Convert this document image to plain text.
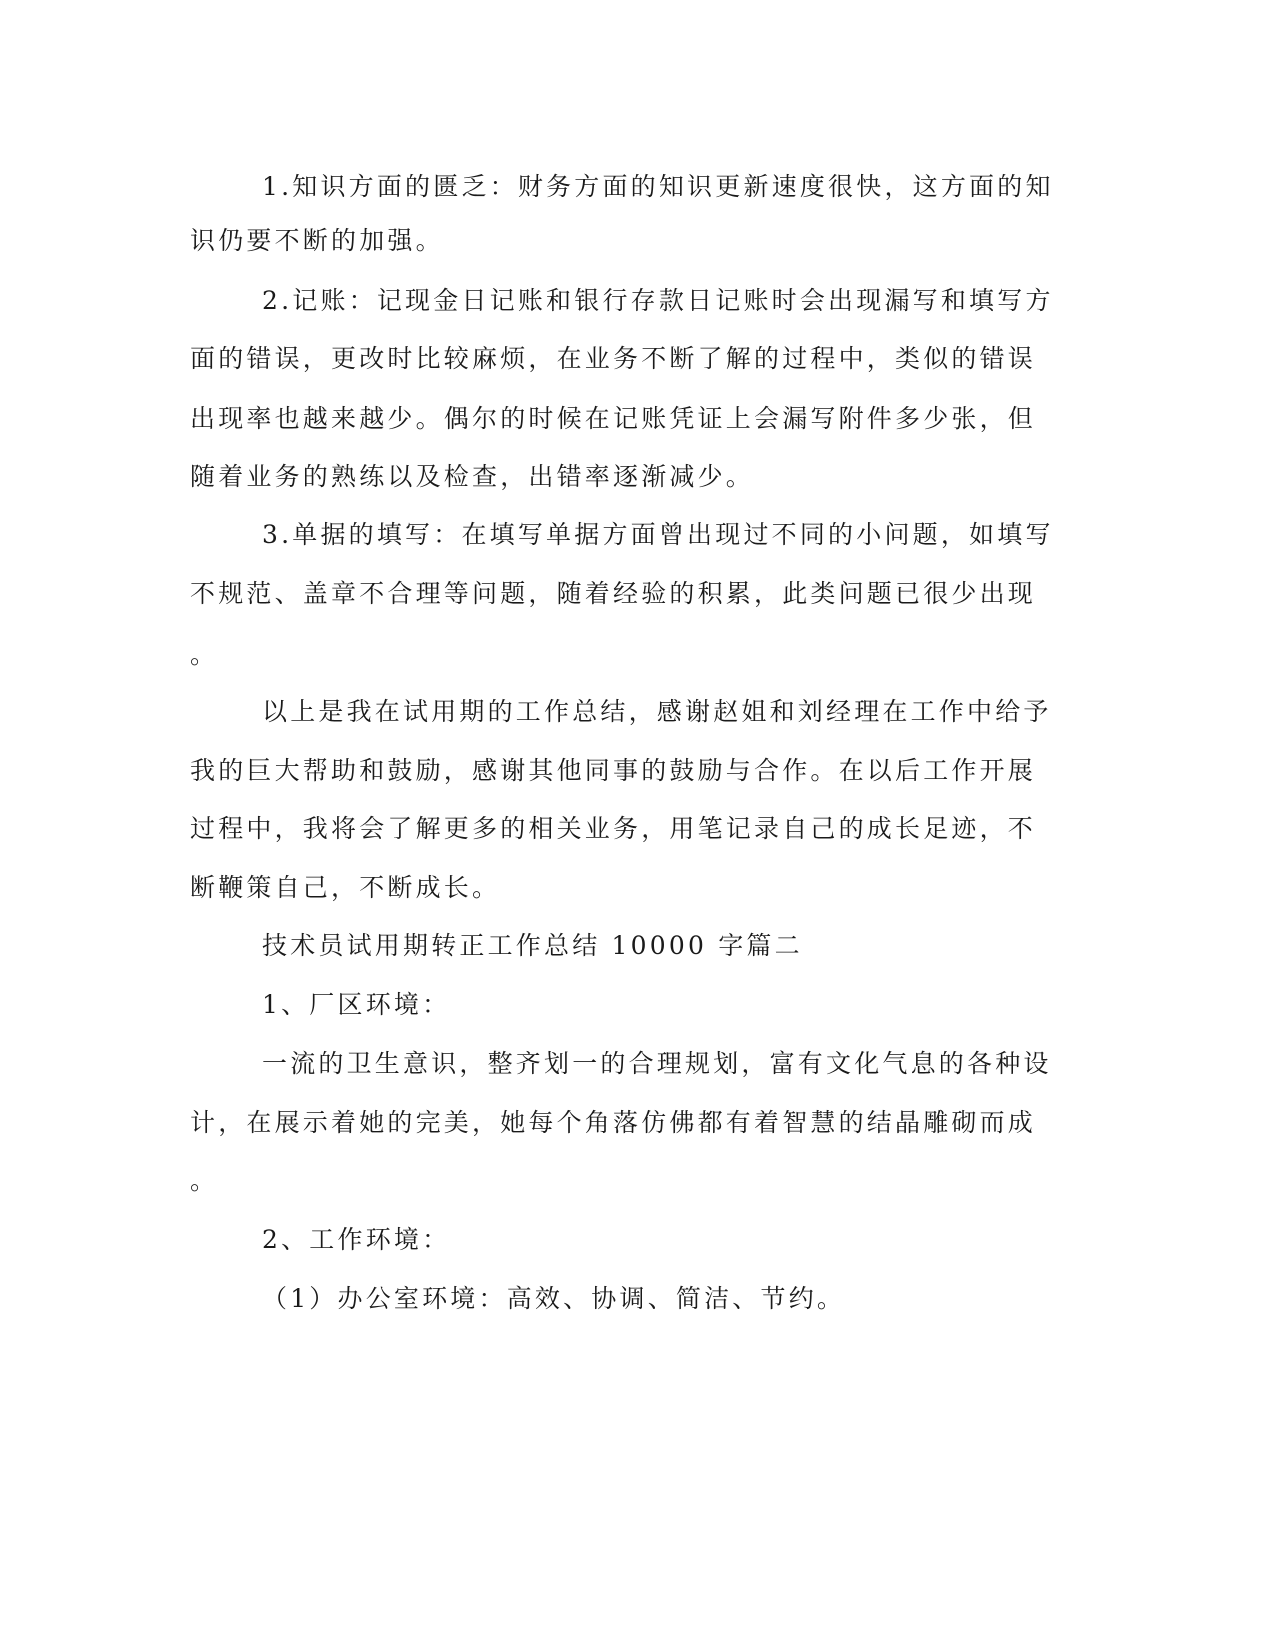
1.知识方面的匮乏：财务方面的知识更新速度很快，这方面的知
识仍要不断的加强。
2.记账：记现金日记账和银行存款日记账时会出现漏写和填写方
面的错误，更改时比较麻烦，在业务不断了解的过程中，类似的错误
出现率也越来越少。偶尔的时候在记账凭证上会漏写附件多少张，但
随着业务的熟练以及检查，出错率逐渐减少。
3.单据的填写：在填写单据方面曾出现过不同的小问题，如填写
不规范、盖章不合理等问题，随着经验的积累，此类问题已很少出现
。
以上是我在试用期的工作总结，感谢赵姐和刘经理在工作中给予
我的巨大帮助和鼓励，感谢其他同事的鼓励与合作。在以后工作开展
过程中，我将会了解更多的相关业务，用笔记录自己的成长足迹，不
断鞭策自己，不断成长。
技术员试用期转正工作总结 10000 字篇二
1、厂区环境：
一流的卫生意识，整齐划一的合理规划，富有文化气息的各种设
计，在展示着她的完美，她每个角落仿佛都有着智慧的结晶雕砌而成
。
2、工作环境：
（1）办公室环境：高效、协调、简洁、节约。
